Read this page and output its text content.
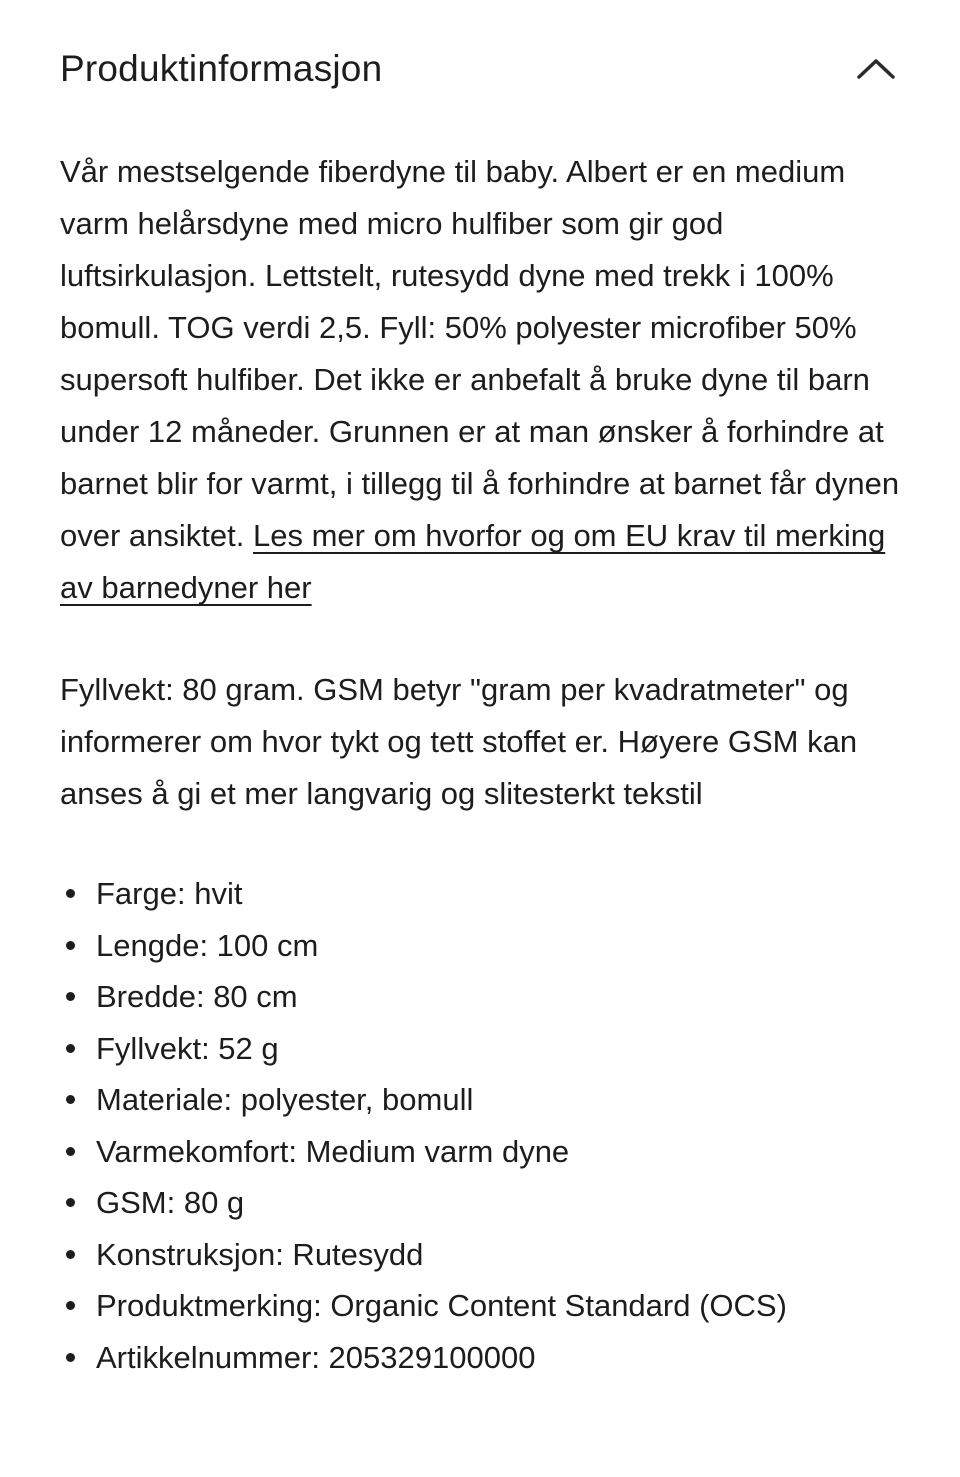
Produktinformasjon

Vår mestselgende fiberdyne til baby. Albert er en medium varm helårsdyne med micro hulfiber som gir god luftsirkulasjon. Lettstelt, rutesydd dyne med trekk i 100% bomull. TOG verdi 2,5. Fyll: 50% polyester microfiber 50% supersoft hulfiber. Det ikke er anbefalt å bruke dyne til barn under 12 måneder. Grunnen er at man ønsker å forhindre at barnet blir for varmt, i tillegg til å forhindre at barnet får dynen over ansiktet. Les mer om hvorfor og om EU krav til merking av barnedyner her

Fyllvekt: 80 gram. GSM betyr "gram per kvadratmeter" og informerer om hvor tykt og tett stoffet er. Høyere GSM kan anses å gi et mer langvarig og slitesterkt tekstil

Farge: hvit
Lengde: 100 cm
Bredde: 80 cm
Fyllvekt: 52 g
Materiale: polyester, bomull
Varmekomfort: Medium varm dyne
GSM: 80 g
Konstruksjon: Rutesydd
Produktmerking: Organic Content Standard (OCS)
Artikkelnummer: 205329100000
